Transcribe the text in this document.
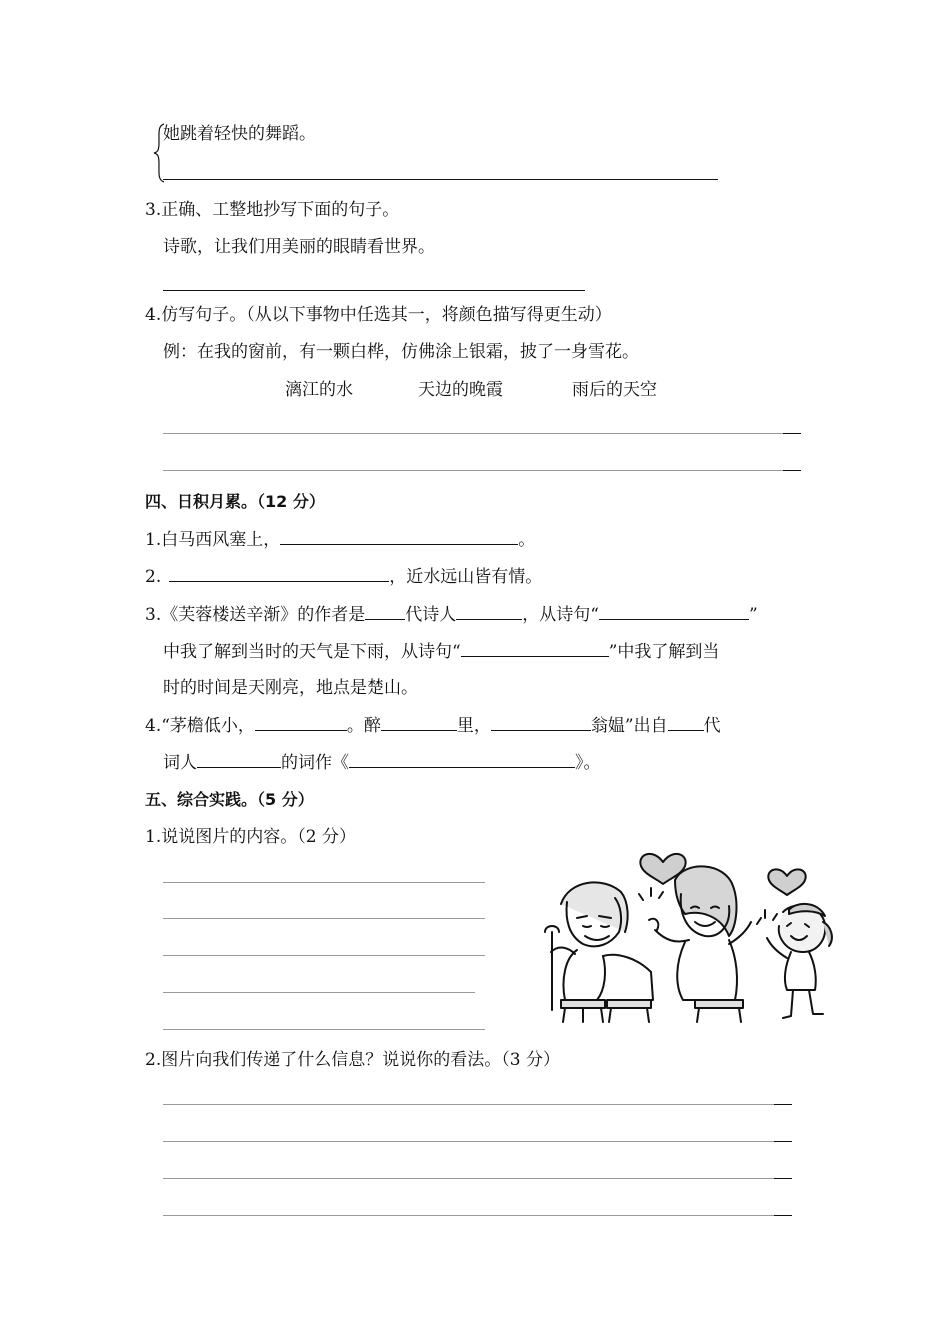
她跳着轻快的舞蹈。
3.正确、工整地抄写下面的句子。
诗歌，让我们用美丽的眼睛看世界。
4.仿写句子。（从以下事物中任选其一，将颜色描写得更生动）
例：在我的窗前，有一颗白桦，仿佛涂上银霜，披了一身雪花。
漓江的水	天边的晚霞	雨后的天空
四、日积月累。（12 分）
1.白马西风塞上，	。
2.	，近水远山皆有情。
3.《芙蓉楼送辛渐》的作者是 代诗人	，从诗句“	”
中我了解到当时的天气是下雨，从诗句“	”中我了解到当
时的时间是天刚亮，地点是楚山。
4.“茅檐低小，	。醉	里，	翁媪”出自 代
词人	的词作《	》。
五、综合实践。（5 分）
1.说说图片的内容。（2 分）
2.图片向我们传递了什么信息？说说你的看法。（3 分）
